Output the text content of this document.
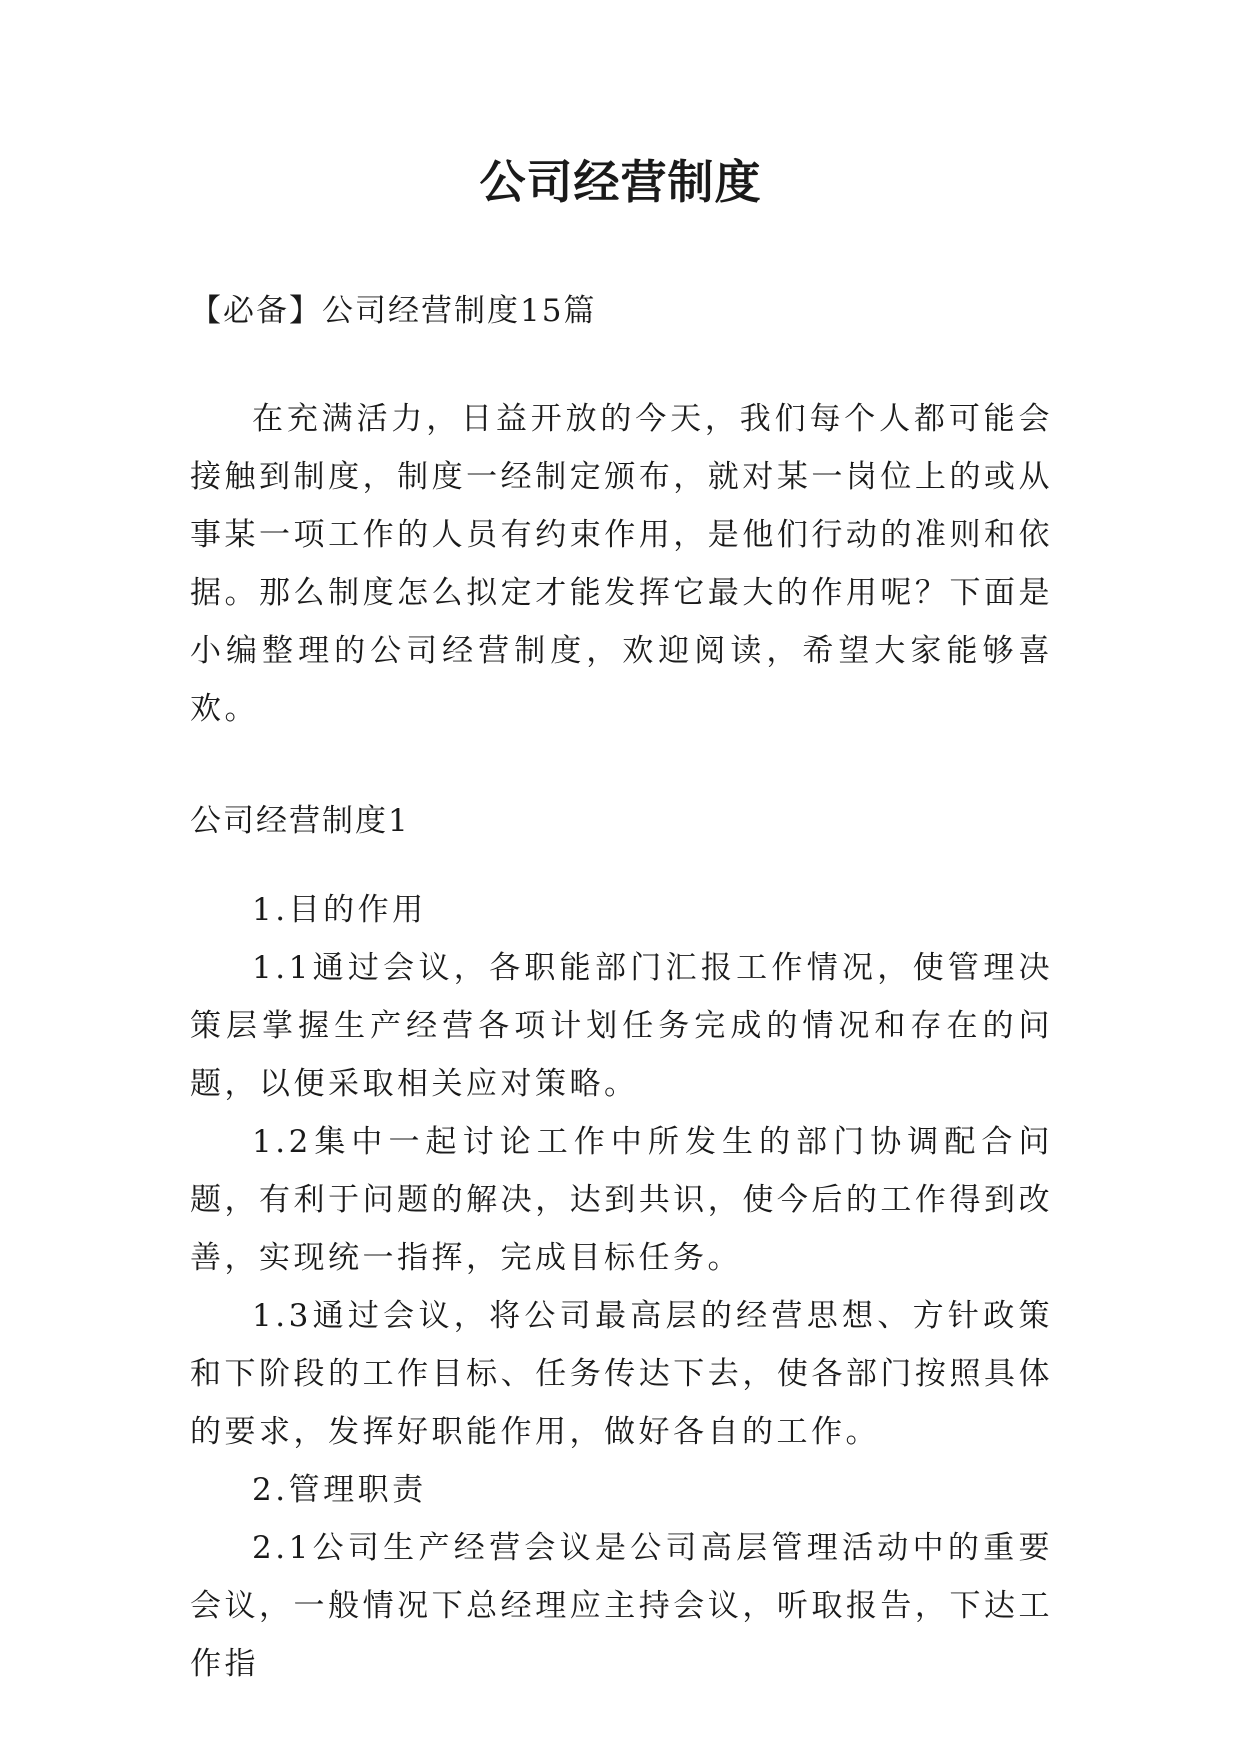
公司经营制度

【必备】公司经营制度15篇

在充满活力，日益开放的今天，我们每个人都可能会接触到制度，制度一经制定颁布，就对某一岗位上的或从事某一项工作的人员有约束作用，是他们行动的准则和依据。那么制度怎么拟定才能发挥它最大的作用呢？下面是小编整理的公司经营制度，欢迎阅读，希望大家能够喜欢。

公司经营制度1

1.目的作用

1.1通过会议，各职能部门汇报工作情况，使管理决策层掌握生产经营各项计划任务完成的情况和存在的问题，以便采取相关应对策略。

1.2集中一起讨论工作中所发生的部门协调配合问题，有利于问题的解决，达到共识，使今后的工作得到改善，实现统一指挥，完成目标任务。

1.3通过会议，将公司最高层的经营思想、方针政策和下阶段的工作目标、任务传达下去，使各部门按照具体的要求，发挥好职能作用，做好各自的工作。

2.管理职责

2.1公司生产经营会议是公司高层管理活动中的重要会议，一般情况下总经理应主持会议，听取报告，下达工作指
